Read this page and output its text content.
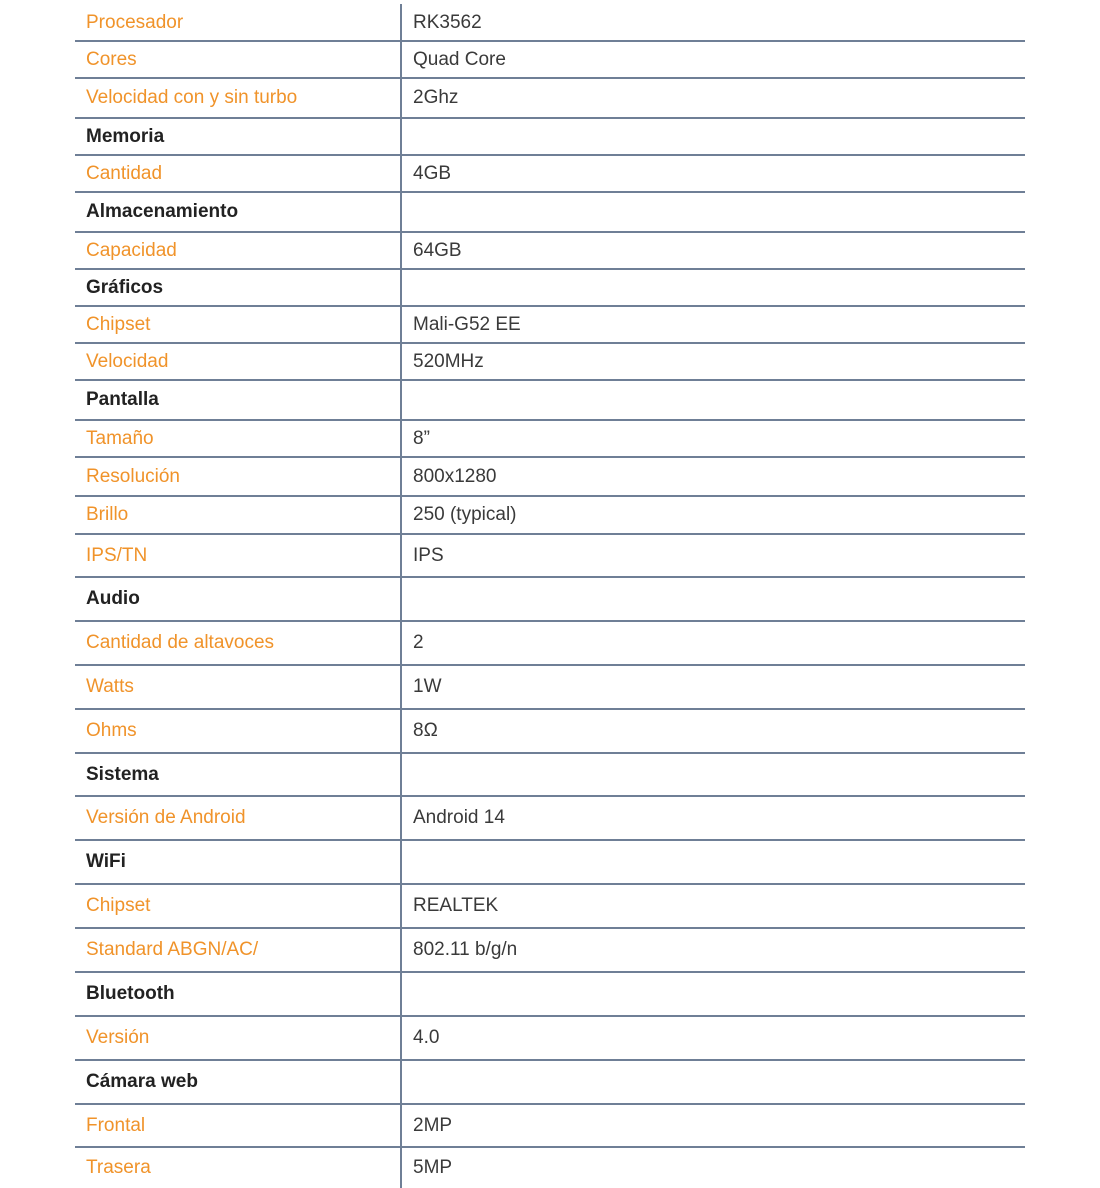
Procesador	RK3562
Cores	Quad Core
Velocidad con y sin turbo	2Ghz
Memoria
Cantidad	4GB
Almacenamiento
Capacidad	64GB
Gráficos
Chipset	Mali-G52 EE
Velocidad	520MHz
Pantalla
Tamaño	8”
Resolución	800x1280
Brillo	250 (typical)
IPS/TN	IPS
Audio
Cantidad de altavoces	2
Watts	1W
Ohms	8Ω
Sistema
Versión de Android	Android 14
WiFi
Chipset	REALTEK
Standard ABGN/AC/	802.11 b/g/n
Bluetooth
Versión	4.0
Cámara web
Frontal	2MP
Trasera	5MP
